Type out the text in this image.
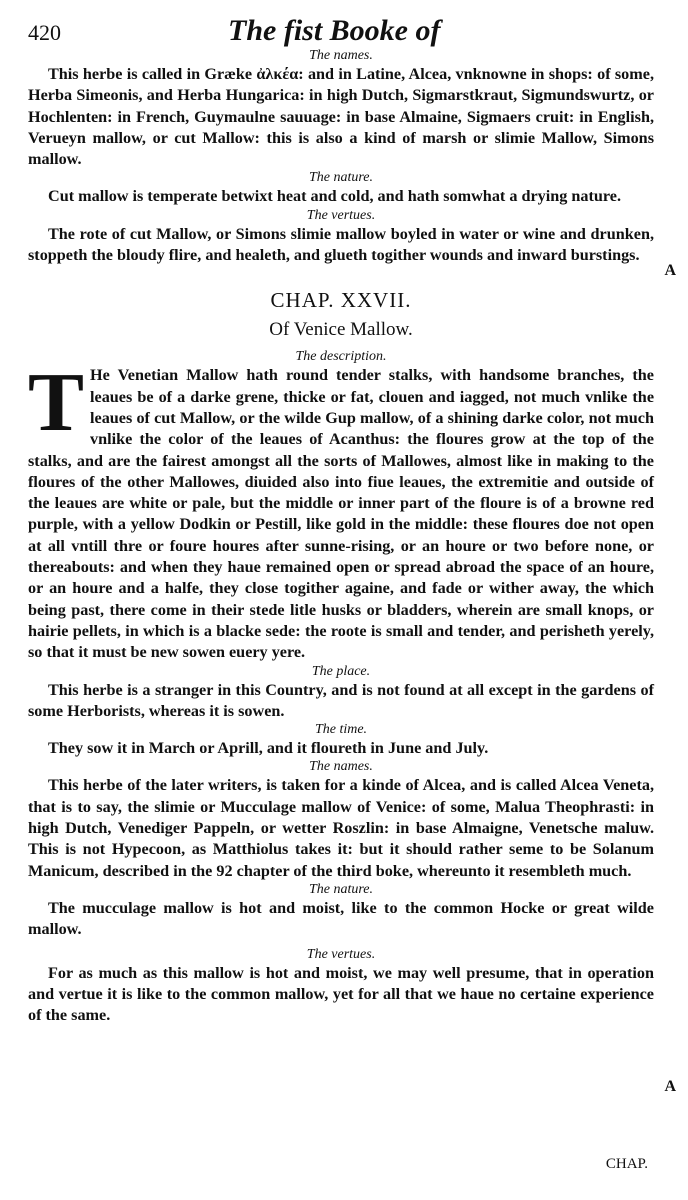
420	The fist Booke of
The names.

This herbe is called in Græke ἀλκέα: and in Latine, Alcea, vnknowne in shops: of some, Herba Simeonis, and Herba Hungarica: in high Dutch, Sigmarstkraut, Sigmundswurtz, or Hochlenten: in French, Guymaulne sauuage: in base Almaine, Sigmaers cruit: in English, Verueyn mallow, or cut Mallow: this is also a kind of marsh or slimie Mallow, Simons mallow.

The nature.

Cut mallow is temperate betwixt heat and cold, and hath somwhat a drying nature.

The vertues.

The rote of cut Mallow, or Simons slimie mallow boyled in water or wine and drunken, stoppeth the bloudy flire, and healeth, and glueth togither wounds and inward burstings.

A
CHAP. XXVII.
Of Venice Mallow.
The description.

T He Venetian Mallow hath round tender stalks, with handsome branches, the leaues be of a darke grene, thicke or fat, clouen and iagged, not much vnlike the leaues of cut Mallow, or the wilde Gup mallow, of a shining darke color, not much vnlike the color of the leaues of Acanthus: the floures grow at the top of the stalks, and are the fairest amongst all the sorts of Mallowes, almost like in making to the floures of the other Mallowes, diuided also into fiue leaues, the extremitie and outside of the leaues are white or pale, but the middle or inner part of the floure is of a browne red purple, with a yellow Dodkin or Pestill, like gold in the middle: these floures doe not open at all vntill thre or foure houres after sunne-rising, or an houre or two before none, or thereabouts: and when they haue remained open or spread abroad the space of an houre, or an houre and a halfe, they close togither againe, and fade or wither away, the which being past, there come in their stede litle husks or bladders, wherein are small knops, or hairie pellets, in which is a blacke sede: the roote is small and tender, and perisheth yerely, so that it must be new sowen euery yere.

The place.

This herbe is a stranger in this Country, and is not found at all except in the gardens of some Herborists, whereas it is sowen.

The time.

They sow it in March or Aprill, and it floureth in June and July.

The names.

This herbe of the later writers, is taken for a kinde of Alcea, and is called Alcea Veneta, that is to say, the slimie or Mucculage mallow of Venice: of some, Malua Theophrasti: in high Dutch, Venediger Pappeln, or wetter Roszlin: in base Almaigne, Venetsche maluw. This is not Hypecoon, as Matthiolus takes it: but it should rather seme to be Solanum Manicum, described in the 92 chapter of the third boke, whereunto it resembleth much.

The nature.

The mucculage mallow is hot and moist, like to the common Hocke or great wilde mallow.

The vertues.

For as much as this mallow is hot and moist, we may well presume, that in operation and vertue it is like to the common mallow, yet for all that we haue no certaine experience of the same.

A
CHAP.
